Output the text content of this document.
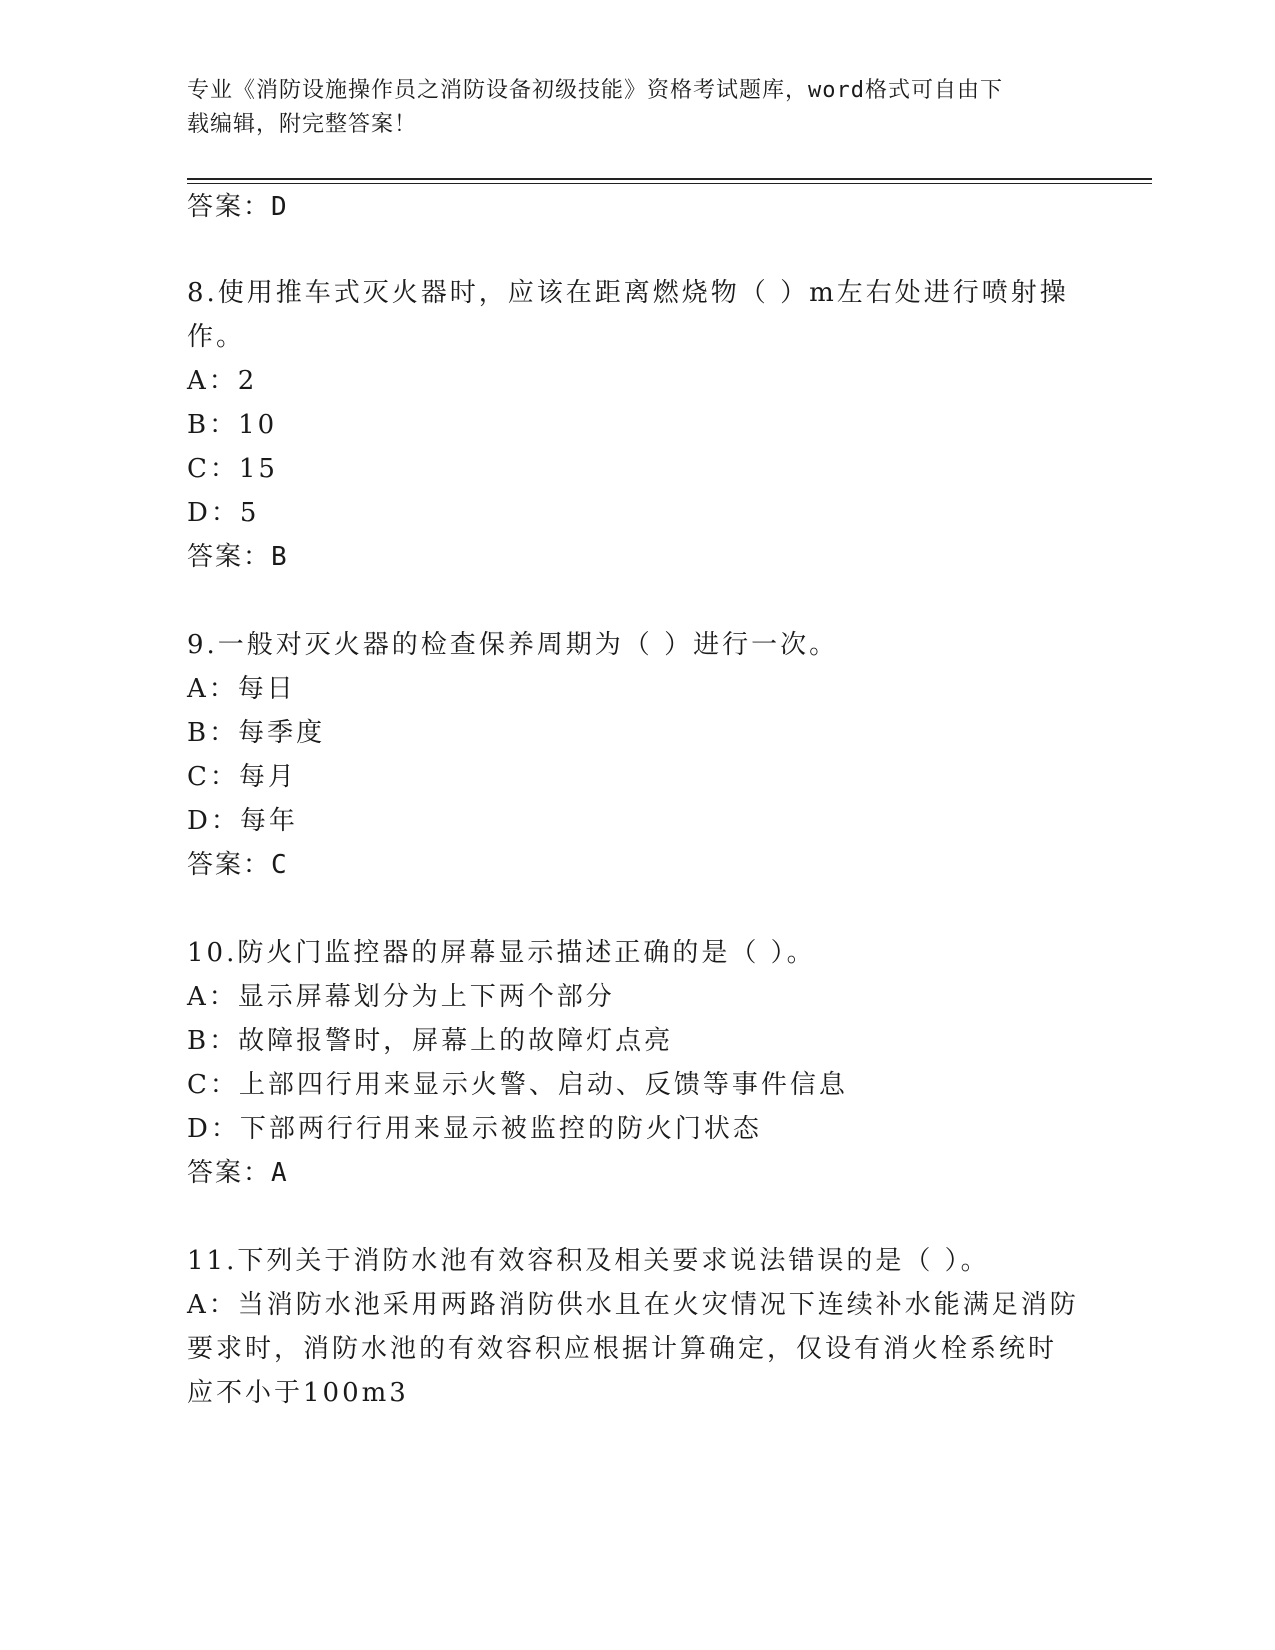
专业《消防设施操作员之消防设备初级技能》资格考试题库，word格式可自由下
载编辑，附完整答案！
答案：D
8.使用推车式灭火器时，应该在距离燃烧物（ ）m左右处进行喷射操
作。
A：2
B：10
C：15
D：5
答案：B
9.一般对灭火器的检查保养周期为（ ）进行一次。
A：每日
B：每季度
C：每月
D：每年
答案：C
10.防火门监控器的屏幕显示描述正确的是（ ）。
A：显示屏幕划分为上下两个部分
B：故障报警时，屏幕上的故障灯点亮
C：上部四行用来显示火警、启动、反馈等事件信息
D：下部两行行用来显示被监控的防火门状态
答案：A
11.下列关于消防水池有效容积及相关要求说法错误的是（ ）。
A：当消防水池采用两路消防供水且在火灾情况下连续补水能满足消防
要求时，消防水池的有效容积应根据计算确定，仅设有消火栓系统时
应不小于100m3
